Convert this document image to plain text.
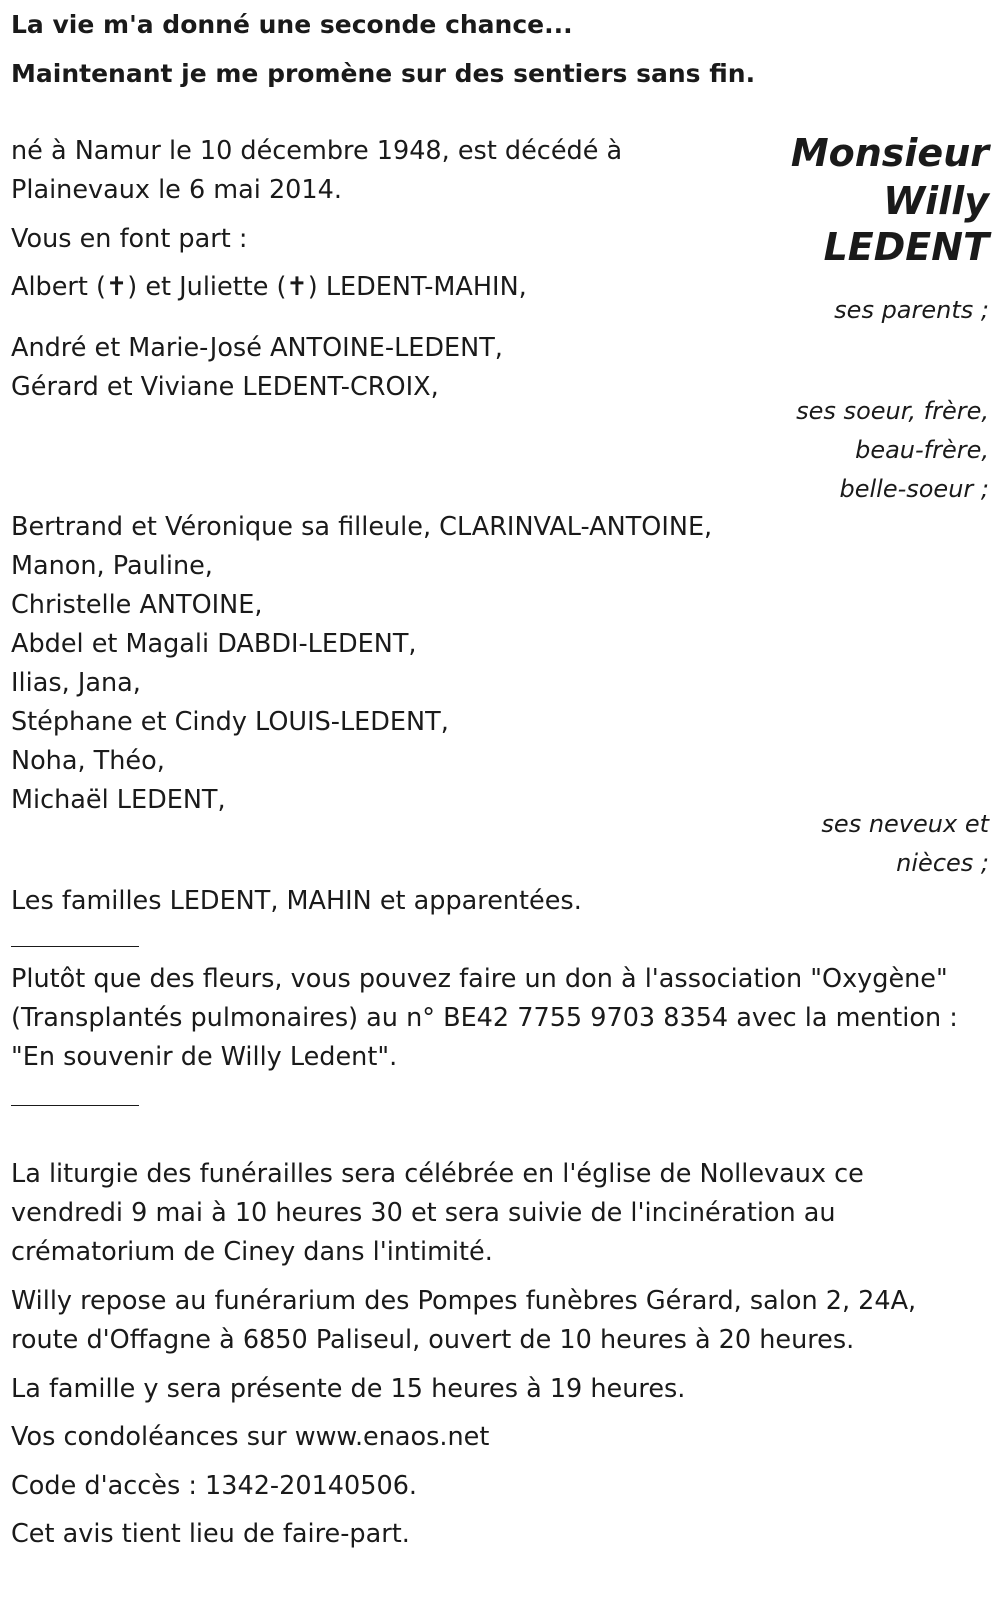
La vie m'a donné une seconde chance...
Maintenant je me promène sur des sentiers sans fin.
Monsieur
Willy
LEDENT
né à Namur le 10 décembre 1948, est décédé à
Plainevaux le 6 mai 2014.
Vous en font part :
Albert (✝) et Juliette (✝) LEDENT-MAHIN,
ses parents ;
André et Marie-José ANTOINE-LEDENT,
Gérard et Viviane LEDENT-CROIX,
ses soeur, frère,
beau-frère,
belle-soeur ;
Bertrand et Véronique sa filleule, CLARINVAL-ANTOINE,
Manon, Pauline,
Christelle ANTOINE,
Abdel et Magali DABDI-LEDENT,
Ilias, Jana,
Stéphane et Cindy LOUIS-LEDENT,
Noha, Théo,
Michaël LEDENT,
ses neveux et
nièces ;
Les familles LEDENT, MAHIN et apparentées.
Plutôt que des fleurs, vous pouvez faire un don à l'association "Oxygène"
(Transplantés pulmonaires) au n° BE42 7755 9703 8354 avec la mention :
"En souvenir de Willy Ledent".
La liturgie des funérailles sera célébrée en l'église de Nollevaux ce
vendredi 9 mai à 10 heures 30 et sera suivie de l'incinération au
crématorium de Ciney dans l'intimité.
Willy repose au funérarium des Pompes funèbres Gérard, salon 2, 24A,
route d'Offagne à 6850 Paliseul, ouvert de 10 heures à 20 heures.
La famille y sera présente de 15 heures à 19 heures.
Vos condoléances sur www.enaos.net
Code d'accès : 1342-20140506.
Cet avis tient lieu de faire-part.
